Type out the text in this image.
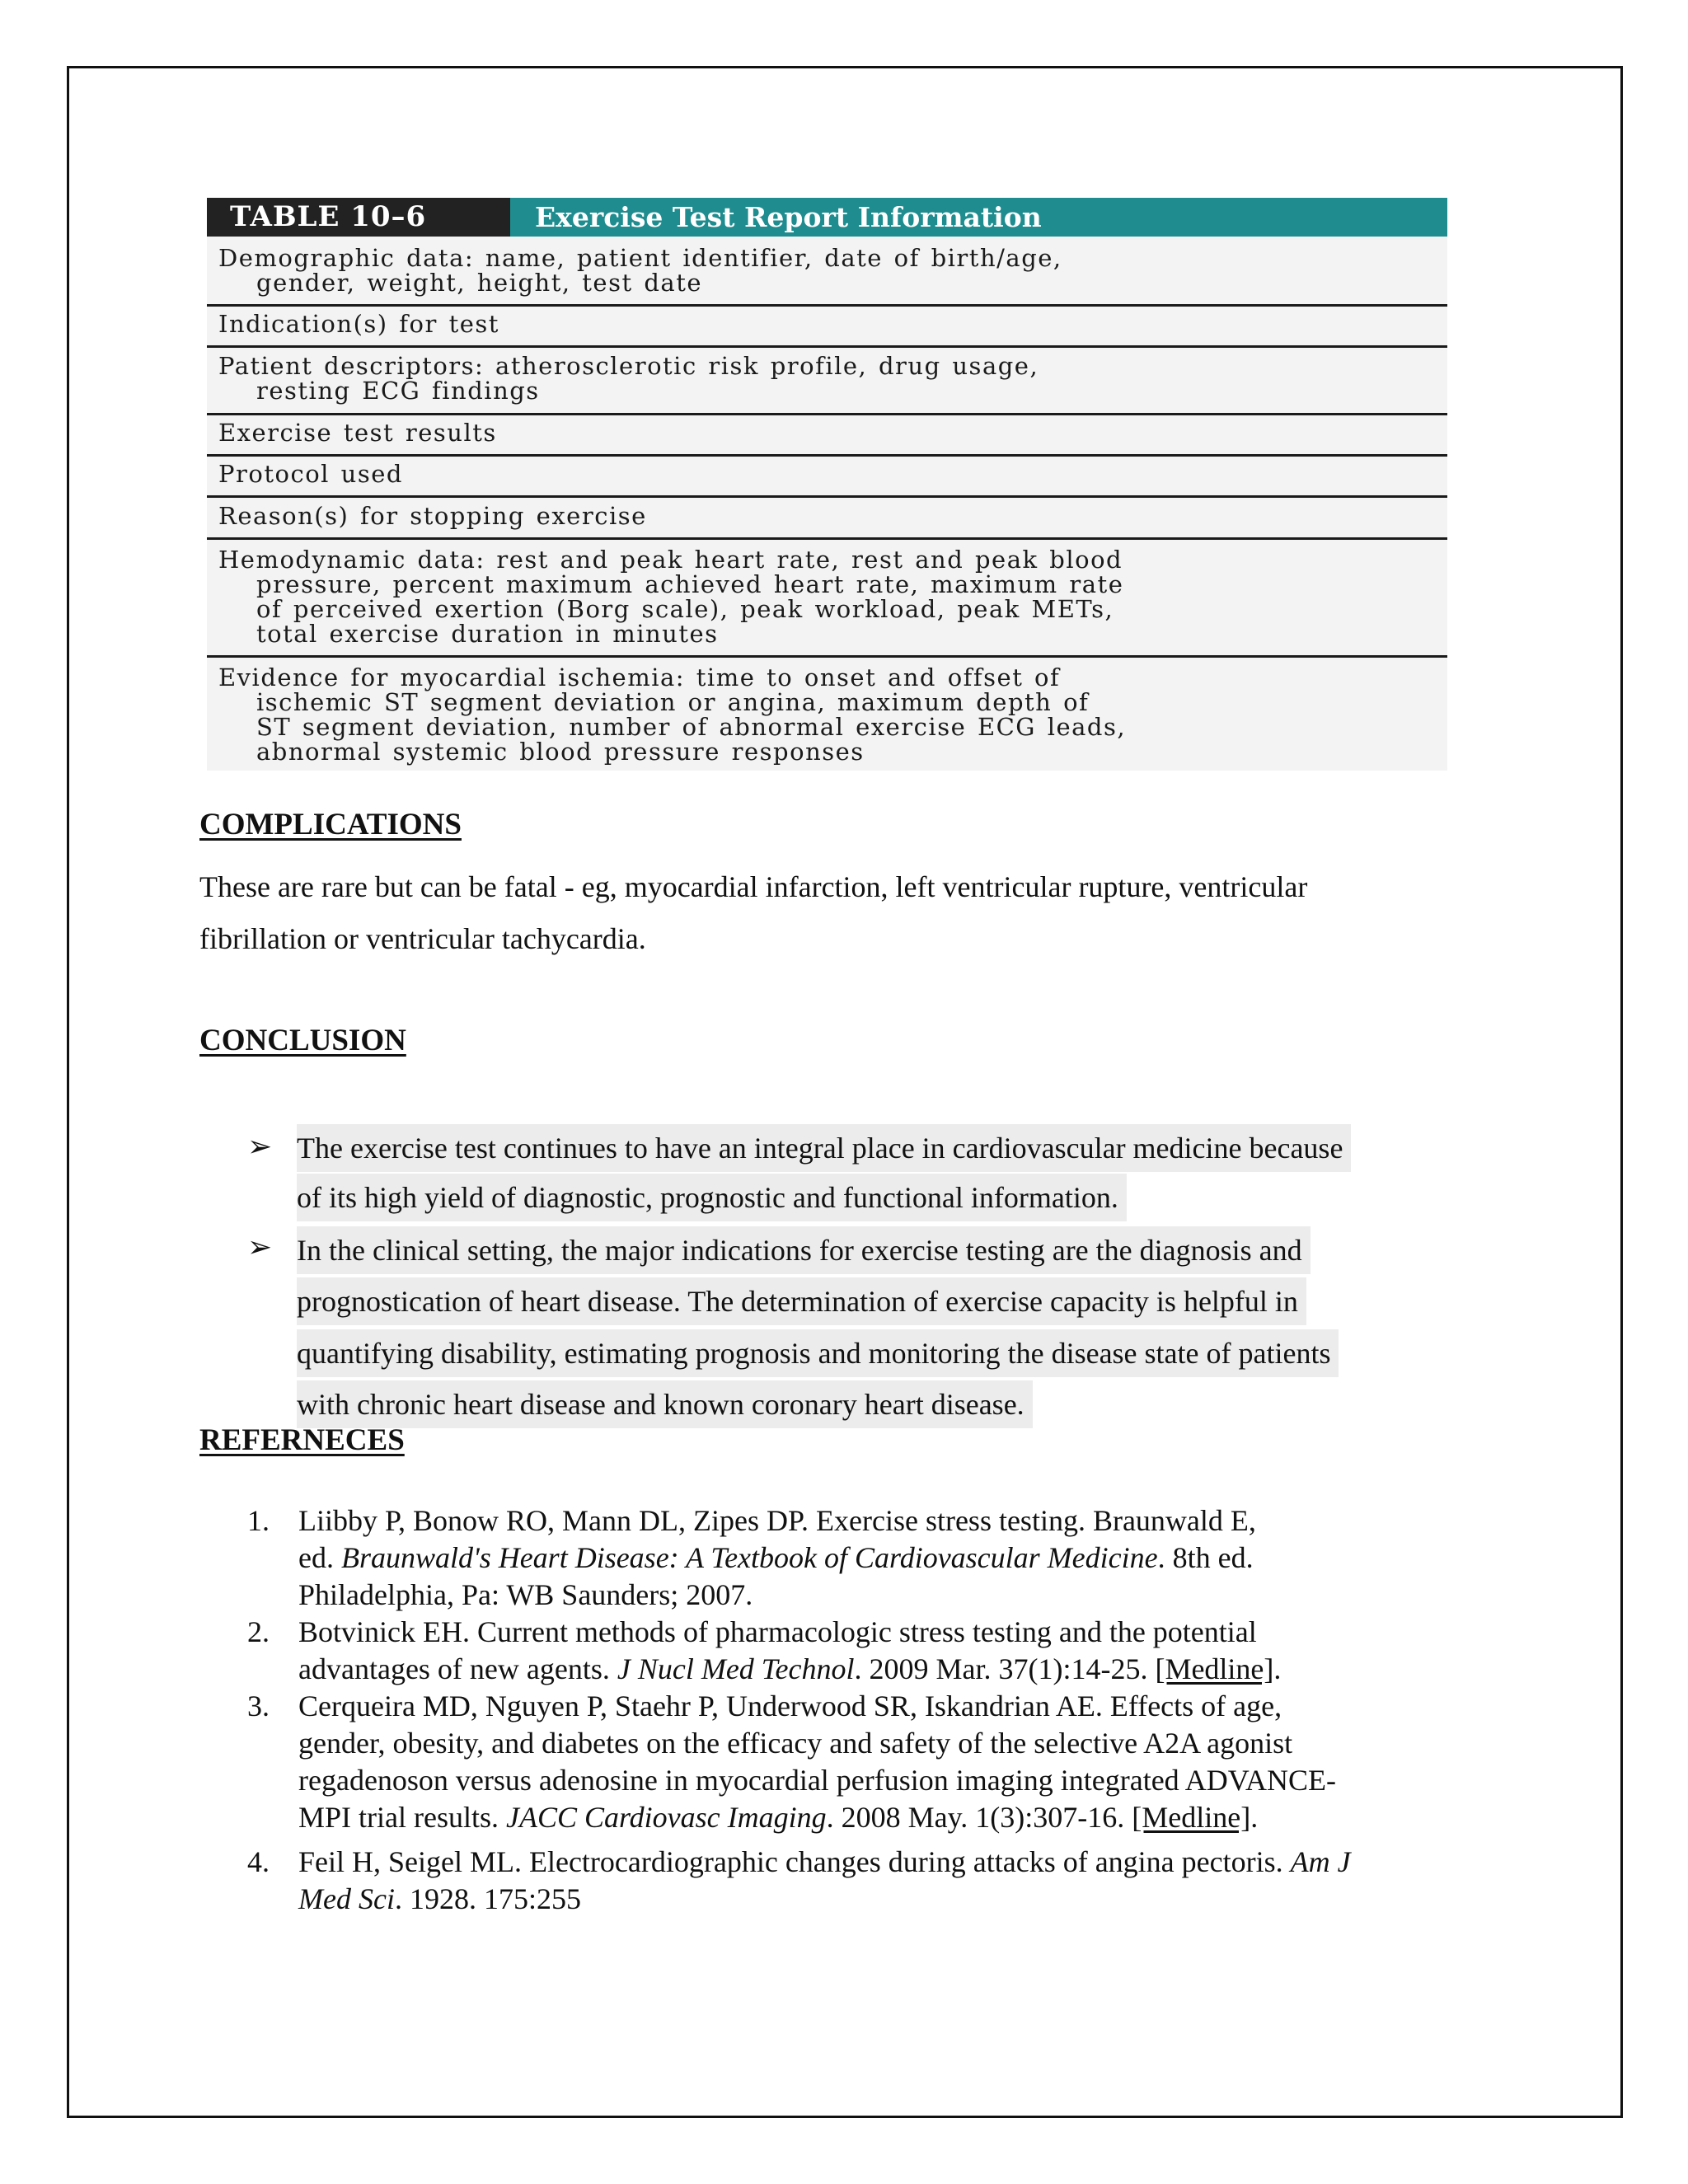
TABLE 10–6	Exercise Test Report Information
Demographic data: name, patient identifier, date of birth/age,
gender, weight, height, test date
Indication(s) for test
Patient descriptors: atherosclerotic risk profile, drug usage,
resting ECG findings
Exercise test results
Protocol used
Reason(s) for stopping exercise
Hemodynamic data: rest and peak heart rate, rest and peak blood
pressure, percent maximum achieved heart rate, maximum rate
of perceived exertion (Borg scale), peak workload, peak METs,
total exercise duration in minutes
Evidence for myocardial ischemia: time to onset and offset of
ischemic ST segment deviation or angina, maximum depth of
ST segment deviation, number of abnormal exercise ECG leads,
abnormal systemic blood pressure responses
COMPLICATIONS
These are rare but can be fatal - eg, myocardial infarction, left ventricular rupture, ventricular
fibrillation or ventricular tachycardia.
CONCLUSION
➢ The exercise test continues to have an integral place in cardiovascular medicine because
of its high yield of diagnostic, prognostic and functional information.
➢ In the clinical setting, the major indications for exercise testing are the diagnosis and
prognostication of heart disease. The determination of exercise capacity is helpful in
quantifying disability, estimating prognosis and monitoring the disease state of patients
with chronic heart disease and known coronary heart disease.
REFERNECES
1. Liibby P, Bonow RO, Mann DL, Zipes DP. Exercise stress testing. Braunwald E,
ed. Braunwald's Heart Disease: A Textbook of Cardiovascular Medicine. 8th ed.
Philadelphia, Pa: WB Saunders; 2007.
2. Botvinick EH. Current methods of pharmacologic stress testing and the potential
advantages of new agents. J Nucl Med Technol. 2009 Mar. 37(1):14-25. [Medline].
3. Cerqueira MD, Nguyen P, Staehr P, Underwood SR, Iskandrian AE. Effects of age,
gender, obesity, and diabetes on the efficacy and safety of the selective A2A agonist
regadenoson versus adenosine in myocardial perfusion imaging integrated ADVANCE-
MPI trial results. JACC Cardiovasc Imaging. 2008 May. 1(3):307-16. [Medline].
4. Feil H, Seigel ML. Electrocardiographic changes during attacks of angina pectoris. Am J
Med Sci. 1928. 175:255
